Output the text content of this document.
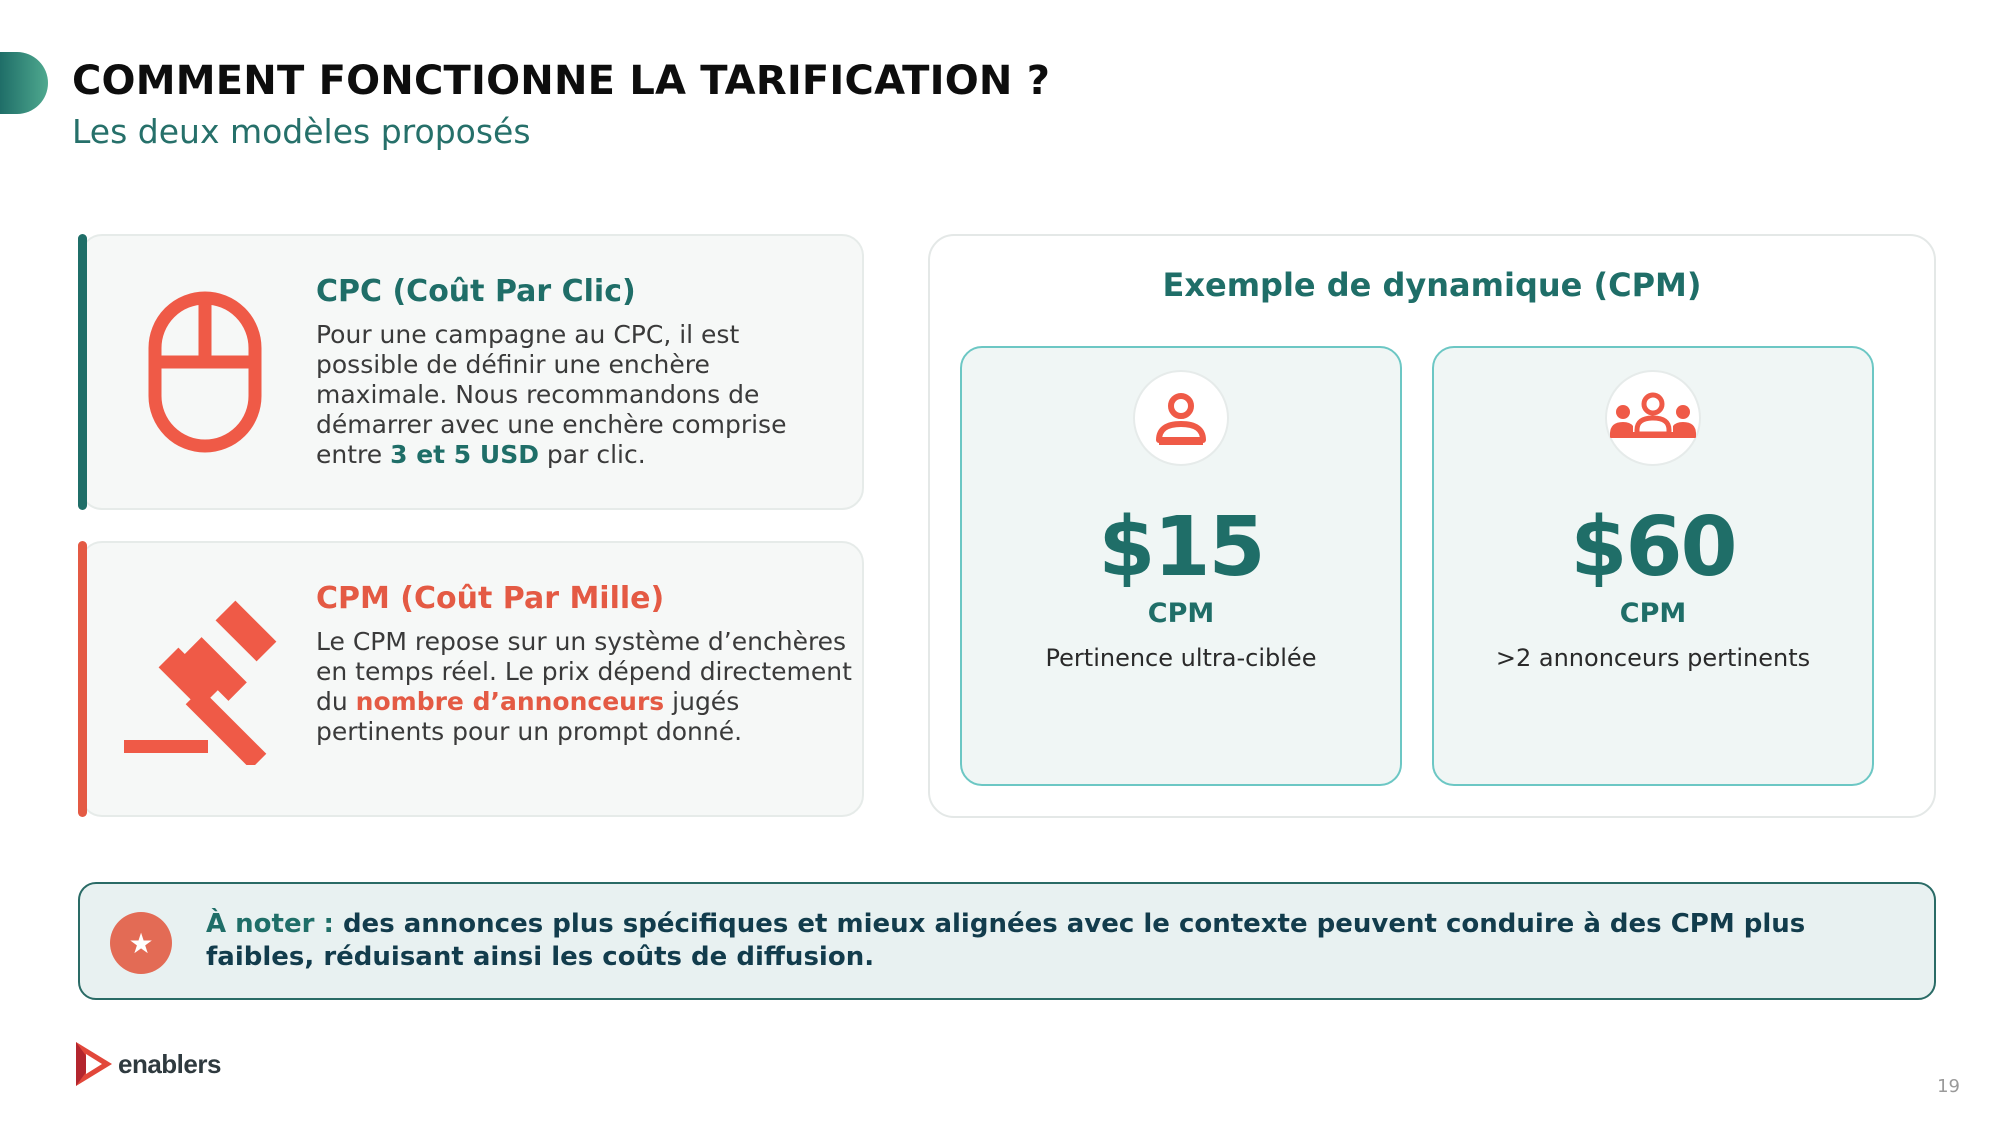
COMMENT FONCTIONNE LA TARIFICATION ?
Les deux modèles proposés
CPC (Coût Par Clic)

Pour une campagne au CPC, il est possible de définir une enchère maximale. Nous recommandons de démarrer avec une enchère comprise entre 3 et 5 USD par clic.

CPM (Coût Par Mille)

Le CPM repose sur un système d’enchères en temps réel. Le prix dépend directement du nombre d’annonceurs jugés pertinents pour un prompt donné.

Exemple de dynamique (CPM)
$15
CPM
Pertinence ultra-ciblée
$60
CPM
>2 annonceurs pertinents
★

À noter : des annonces plus spécifiques et mieux alignées avec le contexte peuvent conduire à des CPM plus faibles, réduisant ainsi les coûts de diffusion.

enablers
19
